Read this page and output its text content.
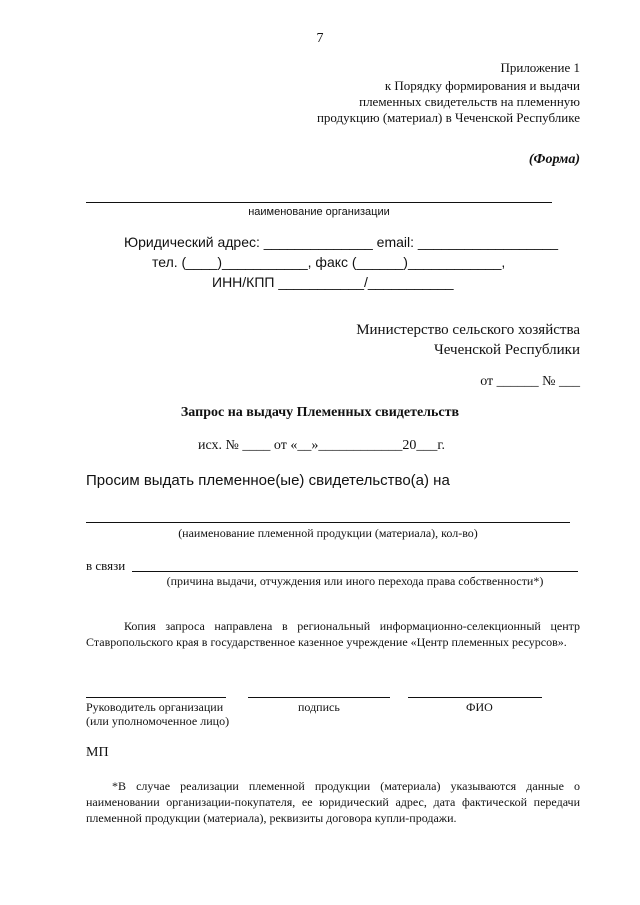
7
Приложение 1
к Порядку формирования и выдачи
племенных свидетельств на племенную
продукцию (материал) в Чеченской Республике
(Форма)
наименование организации
Юридический адрес: ______________ email: __________________
тел. (____)___________, факс (______)____________,
ИНН/КПП ___________/___________
Министерство сельского хозяйства
Чеченской Республики
от ______ № ___
Запрос на выдачу Племенных свидетельств
исх. № ____ от «__»____________20___г.
Просим выдать племенное(ые) свидетельство(а) на
(наименование племенной продукции (материала), кол-во)
в связи
(причина выдачи, отчуждения или иного перехода права собственности*)
Копия запроса направлена в региональный информационно-селекционный центр Ставропольского края в государственное казенное учреждение «Центр племенных ресурсов».
Руководитель организации
(или уполномоченное лицо)
подпись	ФИО
МП
*В случае реализации племенной продукции (материала) указываются данные о наименовании организации-покупателя, ее юридический адрес, дата фактической передачи племенной продукции (материала), реквизиты договора купли-продажи.
